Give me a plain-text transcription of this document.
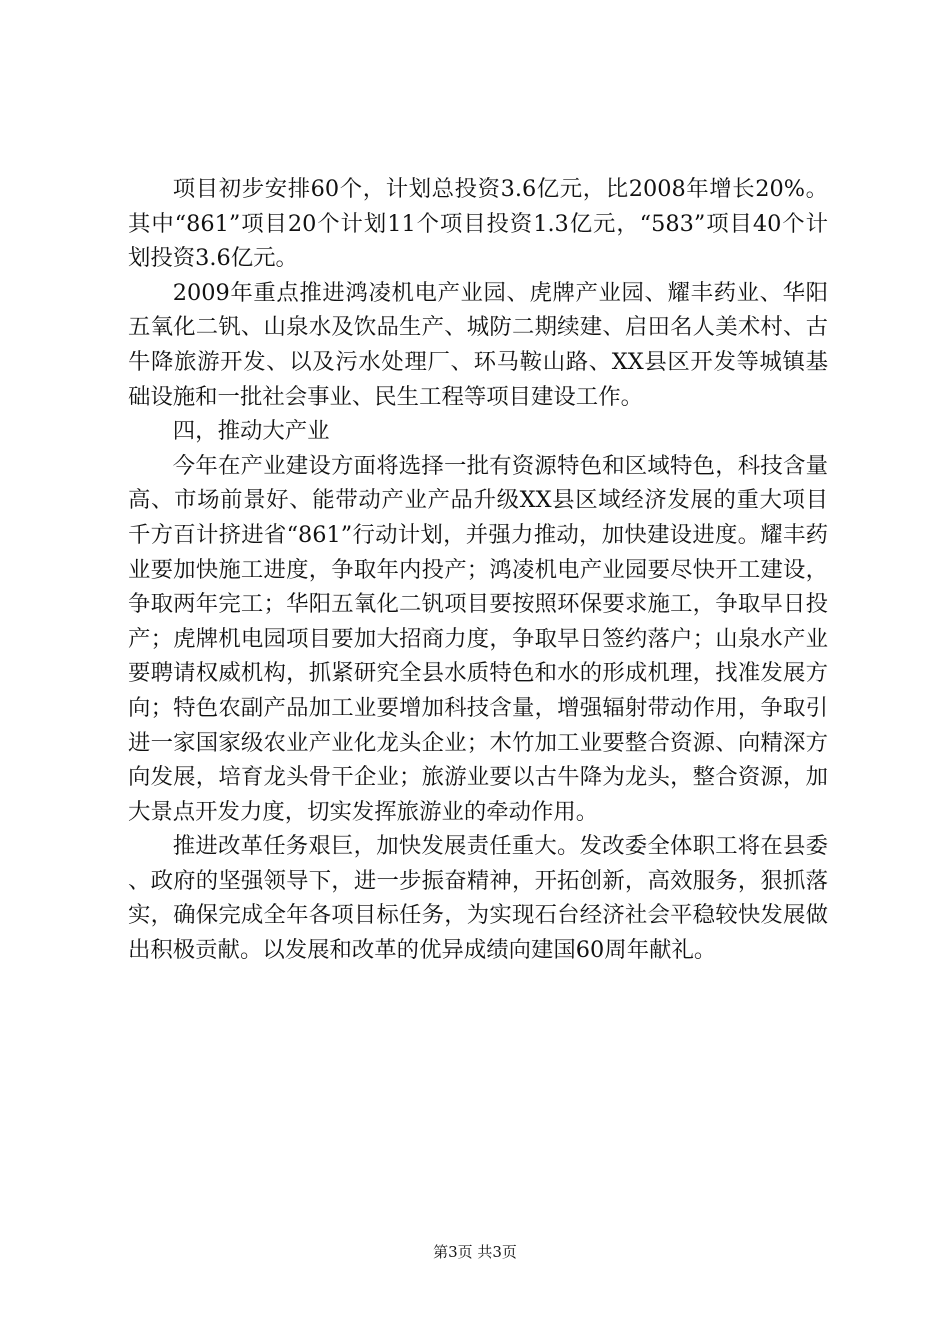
项目初步安排60个，计划总投资3.6亿元，比2008年增长20%。其中“861”项目20个计划11个项目投资1.3亿元，“583”项目40个计划投资3.6亿元。

2009年重点推进鸿凌机电产业园、虎牌产业园、耀丰药业、华阳五氧化二钒、山泉水及饮品生产、城防二期续建、启田名人美术村、古牛降旅游开发、以及污水处理厂、环马鞍山路、XX县区开发等城镇基础设施和一批社会事业、民生工程等项目建设工作。

四，推动大产业

今年在产业建设方面将选择一批有资源特色和区域特色，科技含量高、市场前景好、能带动产业产品升级XX县区域经济发展的重大项目千方百计挤进省“861”行动计划，并强力推动，加快建设进度。耀丰药业要加快施工进度，争取年内投产；鸿凌机电产业园要尽快开工建设，争取两年完工；华阳五氧化二钒项目要按照环保要求施工，争取早日投产；虎牌机电园项目要加大招商力度，争取早日签约落户；山泉水产业要聘请权威机构，抓紧研究全县水质特色和水的形成机理，找准发展方向；特色农副产品加工业要增加科技含量，增强辐射带动作用，争取引进一家国家级农业产业化龙头企业；木竹加工业要整合资源、向精深方向发展，培育龙头骨干企业；旅游业要以古牛降为龙头，整合资源，加大景点开发力度，切实发挥旅游业的牵动作用。

推进改革任务艰巨，加快发展责任重大。发改委全体职工将在县委、政府的坚强领导下，进一步振奋精神，开拓创新，高效服务，狠抓落实，确保完成全年各项目标任务，为实现石台经济社会平稳较快发展做出积极贡献。以发展和改革的优异成绩向建国60周年献礼。

第3页 共3页
